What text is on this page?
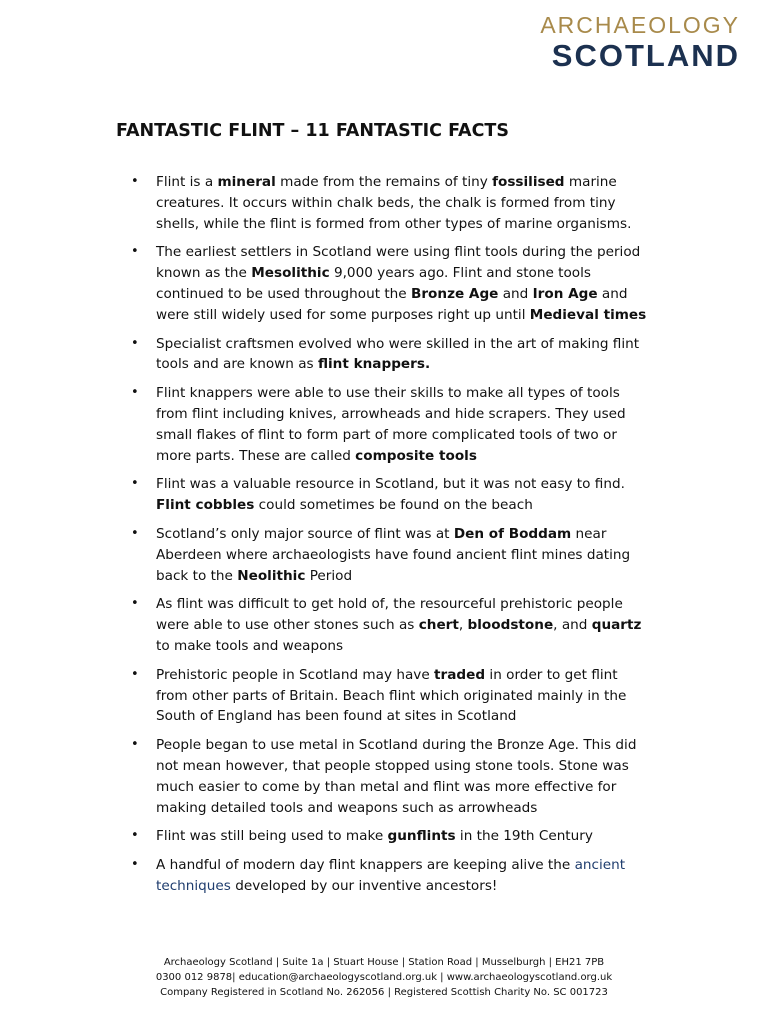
ARCHAEOLOGY
SCOTLAND
FANTASTIC FLINT – 11 FANTASTIC FACTS
• Flint is a mineral made from the remains of tiny fossilised marine creatures. It occurs within chalk beds, the chalk is formed from tiny shells, while the flint is formed from other types of marine organisms.
• The earliest settlers in Scotland were using flint tools during the period known as the Mesolithic 9,000 years ago. Flint and stone tools continued to be used throughout the Bronze Age and Iron Age and were still widely used for some purposes right up until Medieval times
• Specialist craftsmen evolved who were skilled in the art of making flint tools and are known as flint knappers.
• Flint knappers were able to use their skills to make all types of tools from flint including knives, arrowheads and hide scrapers. They used small flakes of flint to form part of more complicated tools of two or more parts. These are called composite tools
• Flint was a valuable resource in Scotland, but it was not easy to find. Flint cobbles could sometimes be found on the beach
• Scotland’s only major source of flint was at Den of Boddam near Aberdeen where archaeologists have found ancient flint mines dating back to the Neolithic Period
• As flint was difficult to get hold of, the resourceful prehistoric people were able to use other stones such as chert, bloodstone, and quartz to make tools and weapons
• Prehistoric people in Scotland may have traded in order to get flint from other parts of Britain. Beach flint which originated mainly in the South of England has been found at sites in Scotland
• People began to use metal in Scotland during the Bronze Age. This did not mean however, that people stopped using stone tools. Stone was much easier to come by than metal and flint was more effective for making detailed tools and weapons such as arrowheads
• Flint was still being used to make gunflints in the 19th Century
• A handful of modern day flint knappers are keeping alive the ancient techniques developed by our inventive ancestors!
Archaeology Scotland | Suite 1a | Stuart House | Station Road | Musselburgh | EH21 7PB
0300 012 9878| education@archaeologyscotland.org.uk | www.archaeologyscotland.org.uk
Company Registered in Scotland No. 262056 | Registered Scottish Charity No. SC 001723
